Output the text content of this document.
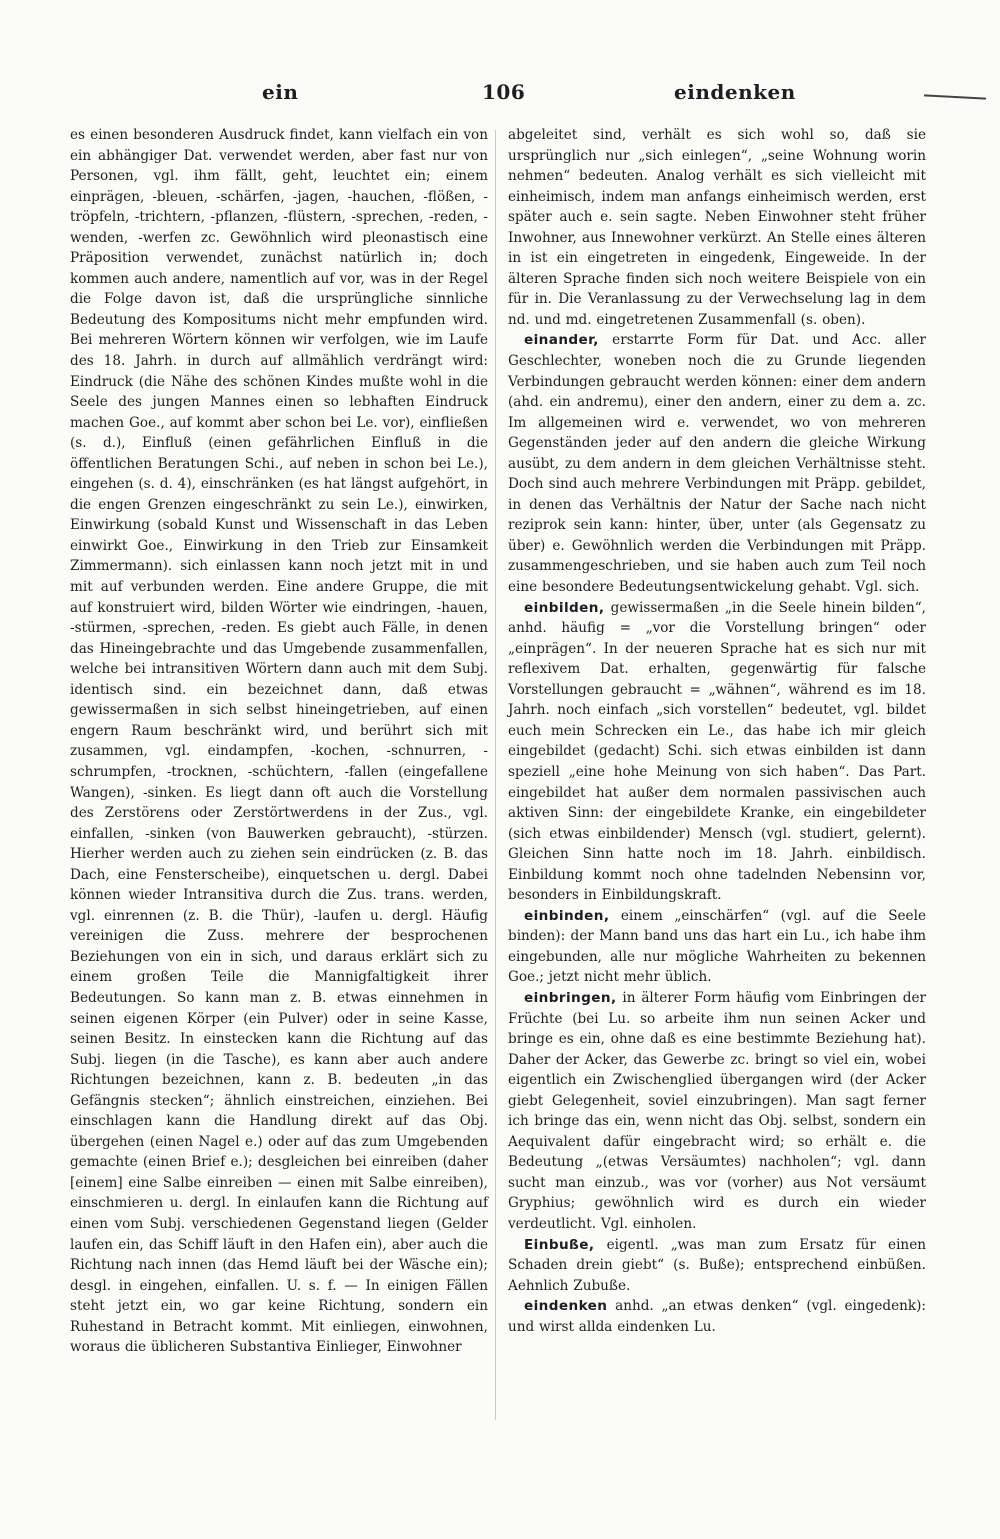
ein	106	eindenken

es einen besonderen Ausdruck findet, kann vielfach ein von ein abhängiger Dat. verwendet werden, aber fast nur von Personen, vgl. ihm fällt, geht, leuchtet ein; einem einprägen, -bleuen, -schärfen, -jagen, -hauchen, -flößen, -tröpfeln, -trichtern, -pflanzen, -flüstern, -sprechen, -reden, -wenden, -werfen zc. Gewöhnlich wird pleonastisch eine Präposition verwendet, zunächst natürlich in; doch kommen auch andere, namentlich auf vor, was in der Regel die Folge davon ist, daß die ursprüngliche sinnliche Bedeutung des Kompositums nicht mehr empfunden wird. Bei mehreren Wörtern können wir verfolgen, wie im Laufe des 18. Jahrh. in durch auf allmählich verdrängt wird: Eindruck (die Nähe des schönen Kindes mußte wohl in die Seele des jungen Mannes einen so lebhaften Eindruck machen Goe., auf kommt aber schon bei Le. vor), einfließen (s. d.), Einfluß (einen gefährlichen Einfluß in die öffentlichen Beratungen Schi., auf neben in schon bei Le.), eingehen (s. d. 4), einschränken (es hat längst aufgehört, in die engen Grenzen eingeschränkt zu sein Le.), einwirken, Einwirkung (sobald Kunst und Wissenschaft in das Leben einwirkt Goe., Einwirkung in den Trieb zur Einsamkeit Zimmermann). sich einlassen kann noch jetzt mit in und mit auf verbunden werden. Eine andere Gruppe, die mit auf konstruiert wird, bilden Wörter wie eindringen, -hauen, -stürmen, -sprechen, -reden. Es giebt auch Fälle, in denen das Hineingebrachte und das Umgebende zusammenfallen, welche bei intransitiven Wörtern dann auch mit dem Subj. identisch sind. ein bezeichnet dann, daß etwas gewissermaßen in sich selbst hineingetrieben, auf einen engern Raum beschränkt wird, und berührt sich mit zusammen, vgl. eindampfen, -kochen, -schnurren, -schrumpfen, -trocknen, -schüchtern, -fallen (eingefallene Wangen), -sinken. Es liegt dann oft auch die Vorstellung des Zerstörens oder Zerstörtwerdens in der Zus., vgl. einfallen, -sinken (von Bauwerken gebraucht), -stürzen. Hierher werden auch zu ziehen sein eindrücken (z. B. das Dach, eine Fensterscheibe), einquetschen u. dergl. Dabei können wieder Intransitiva durch die Zus. trans. werden, vgl. einrennen (z. B. die Thür), -laufen u. dergl. Häufig vereinigen die Zuss. mehrere der besprochenen Beziehungen von ein in sich, und daraus erklärt sich zu einem großen Teile die Mannigfaltigkeit ihrer Bedeutungen. So kann man z. B. etwas einnehmen in seinen eigenen Körper (ein Pulver) oder in seine Kasse, seinen Besitz. In einstecken kann die Richtung auf das Subj. liegen (in die Tasche), es kann aber auch andere Richtungen bezeichnen, kann z. B. bedeuten „in das Gefängnis stecken“; ähnlich einstreichen, einziehen. Bei einschlagen kann die Handlung direkt auf das Obj. übergehen (einen Nagel e.) oder auf das zum Umgebenden gemachte (einen Brief e.); desgleichen bei einreiben (daher [einem] eine Salbe einreiben — einen mit Salbe einreiben), einschmieren u. dergl. In einlaufen kann die Richtung auf einen vom Subj. verschiedenen Gegenstand liegen (Gelder laufen ein, das Schiff läuft in den Hafen ein), aber auch die Richtung nach innen (das Hemd läuft bei der Wäsche ein); desgl. in eingehen, einfallen. U. s. f. — In einigen Fällen steht jetzt ein, wo gar keine Richtung, sondern ein Ruhestand in Betracht kommt. Mit einliegen, einwohnen, woraus die üblicheren Substantiva Einlieger, Einwohner

abgeleitet sind, verhält es sich wohl so, daß sie ursprünglich nur „sich einlegen“, „seine Wohnung worin nehmen“ bedeuten. Analog verhält es sich vielleicht mit einheimisch, indem man anfangs einheimisch werden, erst später auch e. sein sagte. Neben Einwohner steht früher Inwohner, aus Innewohner verkürzt. An Stelle eines älteren in ist ein eingetreten in eingedenk, Eingeweide. In der älteren Sprache finden sich noch weitere Beispiele von ein für in. Die Veranlassung zu der Verwechselung lag in dem nd. und md. eingetretenen Zusammenfall (s. oben).

einander, erstarrte Form für Dat. und Acc. aller Geschlechter, woneben noch die zu Grunde liegenden Verbindungen gebraucht werden können: einer dem andern (ahd. ein andremu), einer den andern, einer zu dem a. zc. Im allgemeinen wird e. verwendet, wo von mehreren Gegenständen jeder auf den andern die gleiche Wirkung ausübt, zu dem andern in dem gleichen Verhältnisse steht. Doch sind auch mehrere Verbindungen mit Präpp. gebildet, in denen das Verhältnis der Natur der Sache nach nicht reziprok sein kann: hinter, über, unter (als Gegensatz zu über) e. Gewöhnlich werden die Verbindungen mit Präpp. zusammengeschrieben, und sie haben auch zum Teil noch eine besondere Bedeutungsentwickelung gehabt. Vgl. sich.

einbilden, gewissermaßen „in die Seele hinein bilden“, anhd. häufig = „vor die Vorstellung bringen“ oder „einprägen“. In der neueren Sprache hat es sich nur mit reflexivem Dat. erhalten, gegenwärtig für falsche Vorstellungen gebraucht = „wähnen“, während es im 18. Jahrh. noch einfach „sich vorstellen“ bedeutet, vgl. bildet euch mein Schrecken ein Le., das habe ich mir gleich eingebildet (gedacht) Schi. sich etwas einbilden ist dann speziell „eine hohe Meinung von sich haben“. Das Part. eingebildet hat außer dem normalen passivischen auch aktiven Sinn: der eingebildete Kranke, ein eingebildeter (sich etwas einbildender) Mensch (vgl. studiert, gelernt). Gleichen Sinn hatte noch im 18. Jahrh. einbildisch. Einbildung kommt noch ohne tadelnden Nebensinn vor, besonders in Einbildungskraft.

einbinden, einem „einschärfen“ (vgl. auf die Seele binden): der Mann band uns das hart ein Lu., ich habe ihm eingebunden, alle nur mögliche Wahrheiten zu bekennen Goe.; jetzt nicht mehr üblich.

einbringen, in älterer Form häufig vom Einbringen der Früchte (bei Lu. so arbeite ihm nun seinen Acker und bringe es ein, ohne daß es eine bestimmte Beziehung hat). Daher der Acker, das Gewerbe zc. bringt so viel ein, wobei eigentlich ein Zwischenglied übergangen wird (der Acker giebt Gelegenheit, soviel einzubringen). Man sagt ferner ich bringe das ein, wenn nicht das Obj. selbst, sondern ein Aequivalent dafür eingebracht wird; so erhält e. die Bedeutung „(etwas Versäumtes) nachholen“; vgl. dann sucht man einzub., was vor (vorher) aus Not versäumt Gryphius; gewöhnlich wird es durch ein wieder verdeutlicht. Vgl. einholen.

Einbuße, eigentl. „was man zum Ersatz für einen Schaden drein giebt“ (s. Buße); entsprechend einbüßen. Aehnlich Zubuße.

eindenken anhd. „an etwas denken“ (vgl. eingedenk): und wirst allda eindenken Lu.
